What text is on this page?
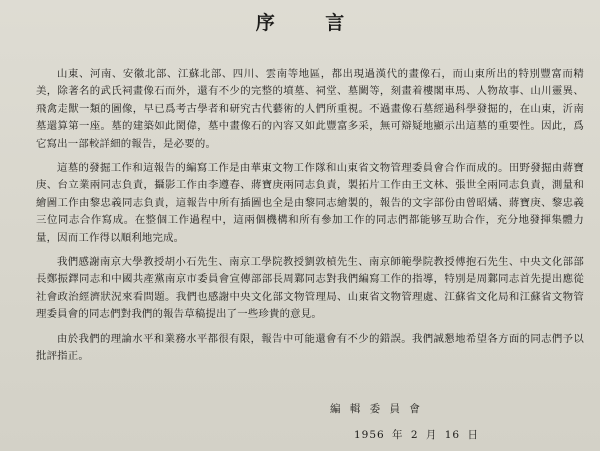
序 言

山東、河南、安徽北部、江蘇北部、四川、雲南等地區，都出現過漢代的畫像石，而山東所出的特別豐富而精美，除著名的武氏祠畫像石而外，還有不少的完整的墳墓、祠堂、墓闕等，刻畫着樓閣車馬、人物故事、山川靈異、飛禽走獸一類的圖像，早已爲考古學者和研究古代藝術的人們所重視。不過畫像石墓經過科學發掘的，在山東，沂南墓還算第一座。墓的建築如此閎偉，墓中畫像石的內容又如此豐富多采，無可辯疑地顯示出這墓的重要性。因此，爲它寫出一部較詳細的報告，是必要的。

這墓的發掘工作和這報告的編寫工作是由華東文物工作隊和山東省文物管理委員會合作而成的。田野發掘由蔣寶庚、台立業兩同志負責，攝影工作由李遵春、蔣寶庚兩同志負責，製拓片工作由王文林、張世全兩同志負責，測量和繪圖工作由黎忠義同志負責，這報告中所有插圖也全是由黎同志繪製的，報告的文字部份由曾昭燏、蔣寶庚、黎忠義三位同志合作寫成。在整個工作過程中，這兩個機構和所有參加工作的同志們都能够互助合作，充分地發揮集體力量，因而工作得以順利地完成。

我們感謝南京大學教授胡小石先生、南京工學院教授劉敦楨先生、南京師範學院教授傅抱石先生、中央文化部部長鄭振鐸同志和中國共產黨南京市委員會宣傳部部長周鄴同志對我們編寫工作的指導，特別是周鄴同志首先提出應從社會政治經濟狀況來看問題。我們也感謝中央文化部文物管理局、山東省文物管理處、江蘇省文化局和江蘇省文物管理委員會的同志們對我們的報告草稿提出了一些珍貴的意見。

由於我們的理論水平和業務水平都很有限，報告中可能還會有不少的錯誤。我們誠懇地希望各方面的同志們予以批評指正。

編 輯 委 員 會
1956 年 2 月 16 日
